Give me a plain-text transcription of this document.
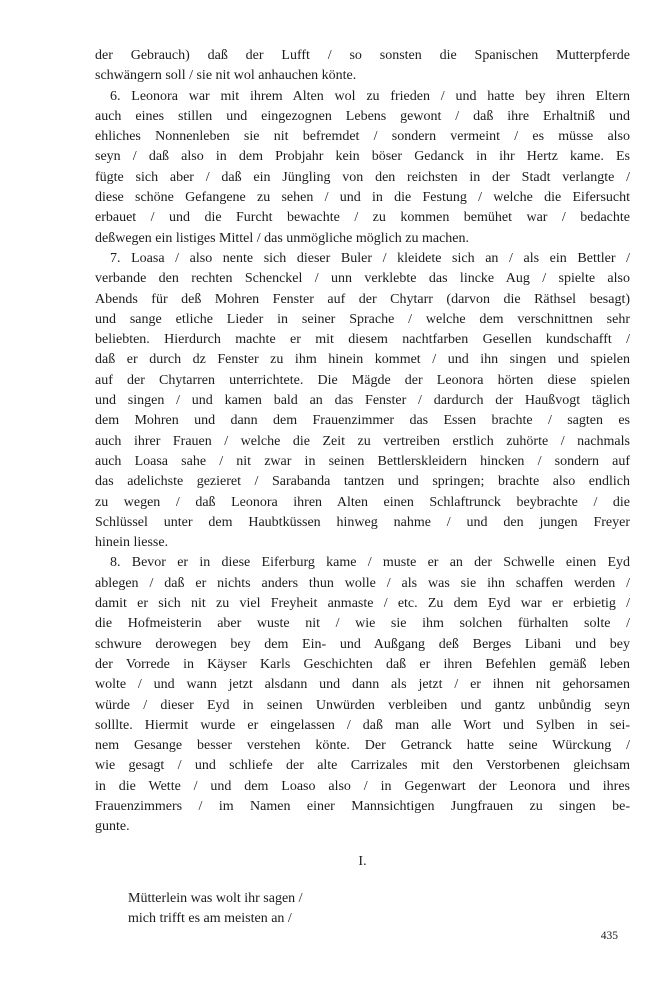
der Gebrauch) daß der Lufft / so sonsten die Spanischen Mutterpferde
schwängern soll / sie nit wol anhauchen könte.
6. Leonora war mit ihrem Alten wol zu frieden / und hatte bey ihren Eltern
auch eines stillen und eingezognen Lebens gewont / daß ihre Erhaltniß und
ehliches Nonnenleben sie nit befremdet / sondern vermeint / es müsse also
seyn / daß also in dem Probjahr kein böser Gedanck in ihr Hertz kame. Es
fügte sich aber / daß ein Jüngling von den reichsten in der Stadt verlangte /
diese schöne Gefangene zu sehen / und in die Festung / welche die Eifersucht
erbauet / und die Furcht bewachte / zu kommen bemühet war / bedachte
deßwegen ein listiges Mittel / das unmögliche möglich zu machen.
7. Loasa / also nente sich dieser Buler / kleidete sich an / als ein Bettler /
verbande den rechten Schenckel / unn verklebte das lincke Aug / spielte also
Abends für deß Mohren Fenster auf der Chytarr (darvon die Räthsel besagt)
und sange etliche Lieder in seiner Sprache / welche dem verschnittnen sehr
beliebten. Hierdurch machte er mit diesem nachtfarben Gesellen kundschafft /
daß er durch dz Fenster zu ihm hinein kommet / und ihn singen und spielen
auf der Chytarren unterrichtete. Die Mägde der Leonora hörten diese spielen
und singen / und kamen bald an das Fenster / dardurch der Haußvogt täglich
dem Mohren und dann dem Frauenzimmer das Essen brachte / sagten es
auch ihrer Frauen / welche die Zeit zu vertreiben erstlich zuhörte / nachmals
auch Loasa sahe / nit zwar in seinen Bettlerskleidern hincken / sondern auf
das adelichste gezieret / Sarabanda tantzen und springen; brachte also endlich
zu wegen / daß Leonora ihren Alten einen Schlaftrunck beybrachte / die
Schlüssel unter dem Haubtküssen hinweg nahme / und den jungen Freyer
hinein liesse.
8. Bevor er in diese Eiferburg kame / muste er an der Schwelle einen Eyd
ablegen / daß er nichts anders thun wolle / als was sie ihn schaffen werden /
damit er sich nit zu viel Freyheit anmaste / etc. Zu dem Eyd war er erbietig /
die Hofmeisterin aber wuste nit / wie sie ihm solchen fürhalten solte /
schwure derowegen bey dem Ein- und Außgang deß Berges Libani und bey
der Vorrede in Käyser Karls Geschichten daß er ihren Befehlen gemäß leben
wolte / und wann jetzt alsdann und dann als jetzt / er ihnen nit gehorsamen
würde / dieser Eyd in seinen Unwürden verbleiben und gantz unbůndig seyn
solllte. Hiermit wurde er eingelassen / daß man alle Wort und Sylben in sei-
nem Gesange besser verstehen könte. Der Getranck hatte seine Würckung /
wie gesagt / und schliefe der alte Carrizales mit den Verstorbenen gleichsam
in die Wette / und dem Loaso also / in Gegenwart der Leonora und ihres
Frauenzimmers / im Namen einer Mannsichtigen Jungfrauen zu singen be-
gunte.
I.
Mütterlein was wolt ihr sagen /
mich trifft es am meisten an /
435
